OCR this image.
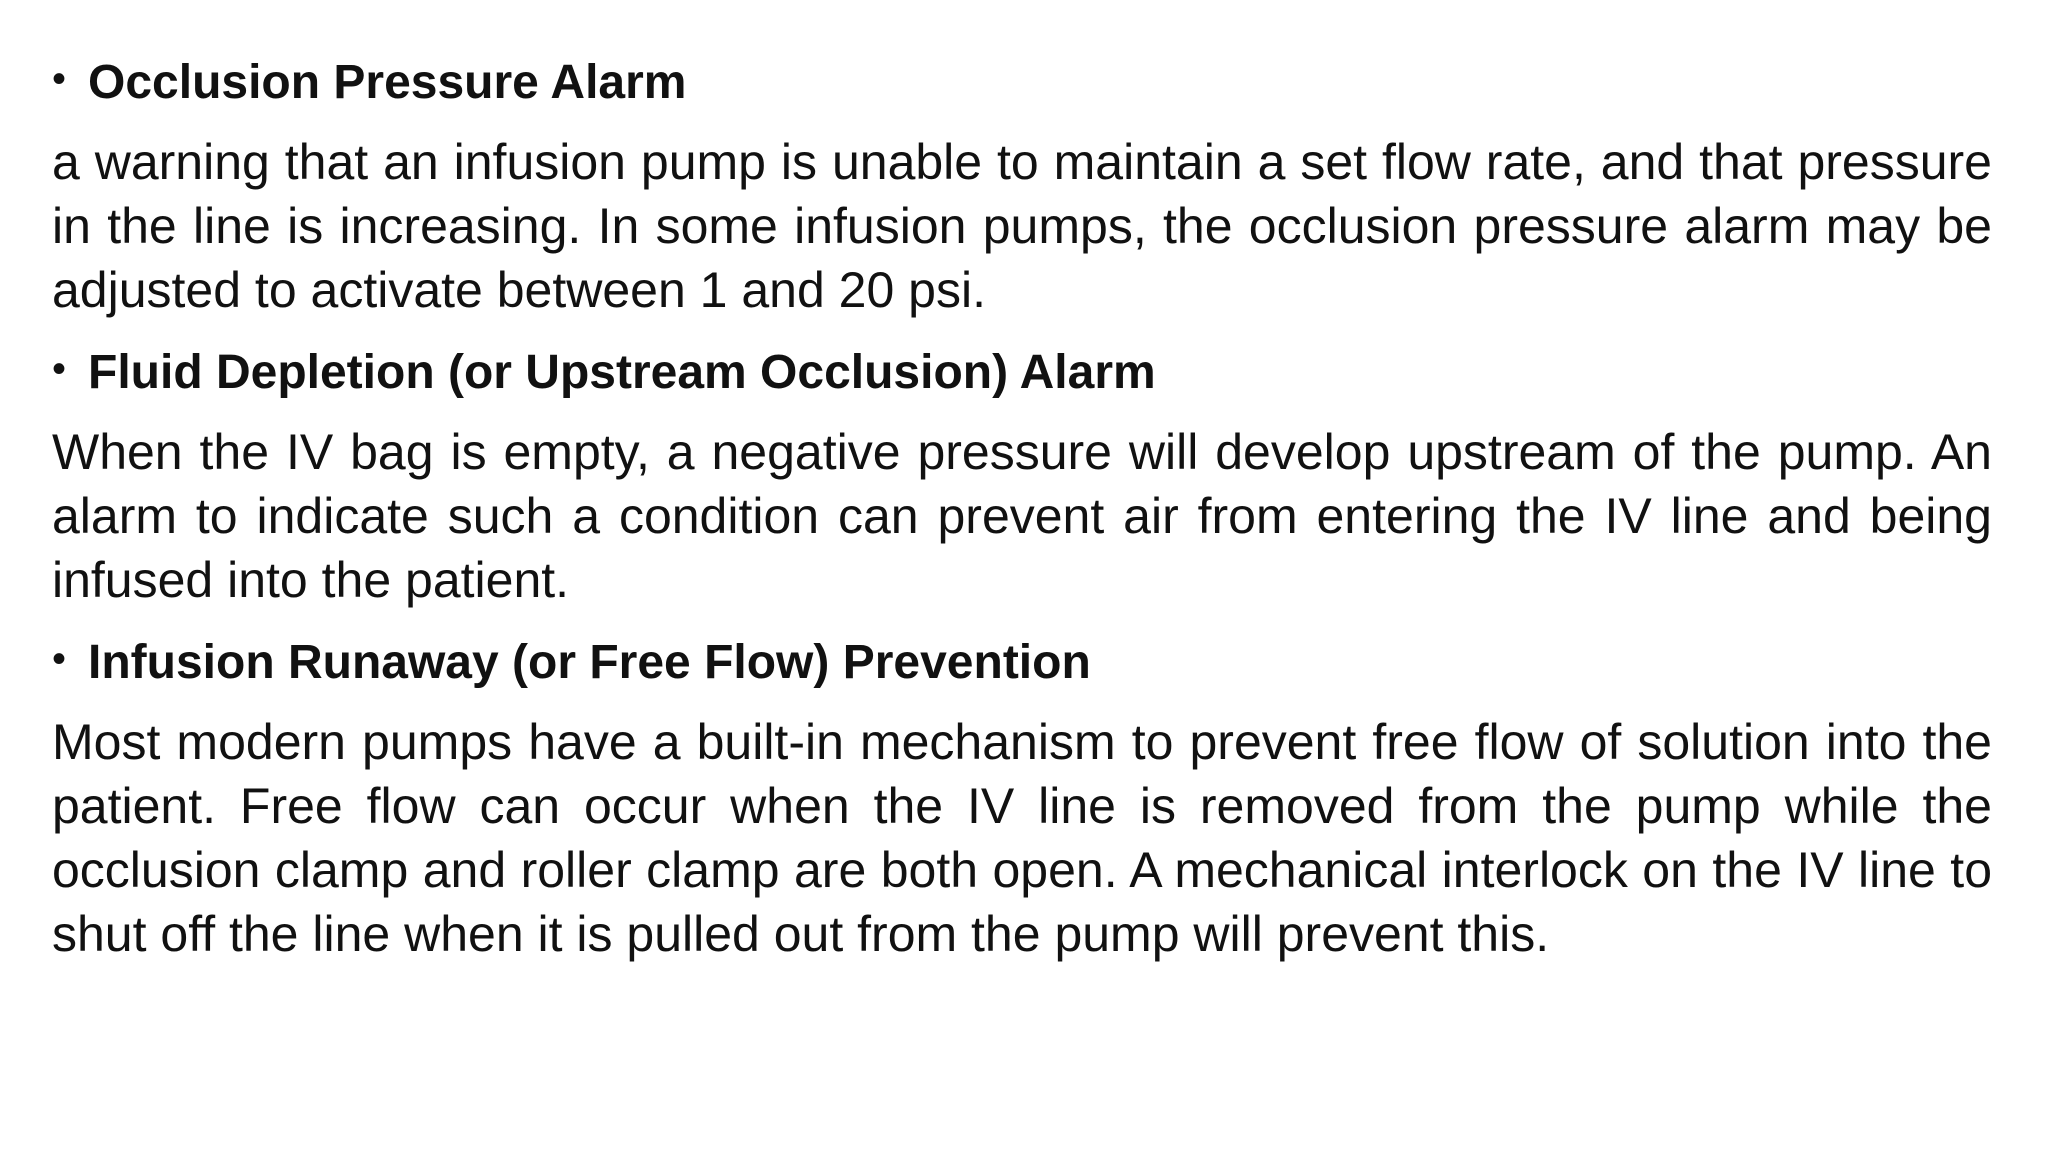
• Occlusion Pressure Alarm

a warning that an infusion pump is unable to maintain a set flow rate, and that pressure in the line is increasing. In some infusion pumps, the occlusion pressure alarm may be adjusted to activate between 1 and 20 psi.

• Fluid Depletion (or Upstream Occlusion) Alarm

When the IV bag is empty, a negative pressure will develop upstream of the pump. An alarm to indicate such a condition can prevent air from entering the IV line and being infused into the patient.

• Infusion Runaway (or Free Flow) Prevention

Most modern pumps have a built-in mechanism to prevent free flow of solution into the patient. Free flow can occur when the IV line is removed from the pump while the occlusion clamp and roller clamp are both open. A mechanical interlock on the IV line to shut off the line when it is pulled out from the pump will prevent this.
